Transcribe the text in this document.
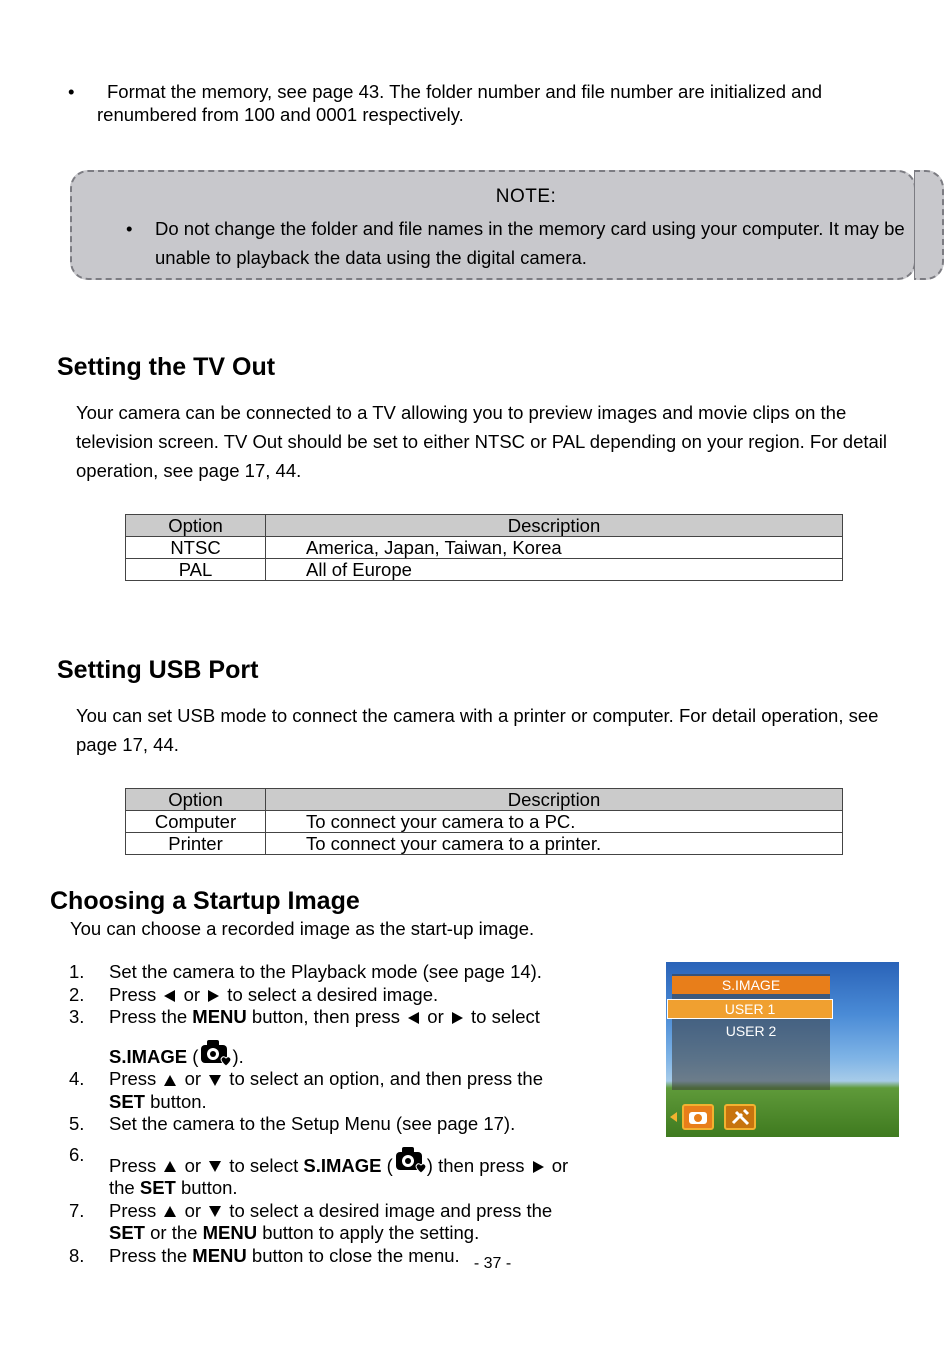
•	Format the memory, see page 43. The folder number and file number are initialized and renumbered from 100 and 0001 respectively.
NOTE:
• Do not change the folder and file names in the memory card using your computer. It may be unable to playback the data using the digital camera.
Setting the TV Out
Your camera can be connected to a TV allowing you to preview images and movie clips on the television screen. TV Out should be set to either NTSC or PAL depending on your region. For detail operation, see page 17, 44.
Option	Description
NTSC	America, Japan, Taiwan, Korea
PAL	All of Europe
Setting USB Port
You can set USB mode to connect the camera with a printer or computer. For detail operation, see page 17, 44.
Option	Description
Computer	To connect your camera to a PC.
Printer	To connect your camera to a printer.
Choosing a Startup Image
You can choose a recorded image as the start-up image.
1. Set the camera to the Playback mode (see page 14).
2. Press  or  to select a desired image.
3. Press the MENU button, then press  or  to select
S.IMAGE ( ).
4. Press  or  to select an option, and then press the
SET button.
5. Set the camera to the Setup Menu (see page 17).
6.
Press  or  to select S.IMAGE ( ) then press  or
the SET button.
7. Press  or  to select a desired image and press the
SET or the MENU button to apply the setting.
8. Press the MENU button to close the menu.
S.IMAGE
USER 1
USER 2
- 37 -
